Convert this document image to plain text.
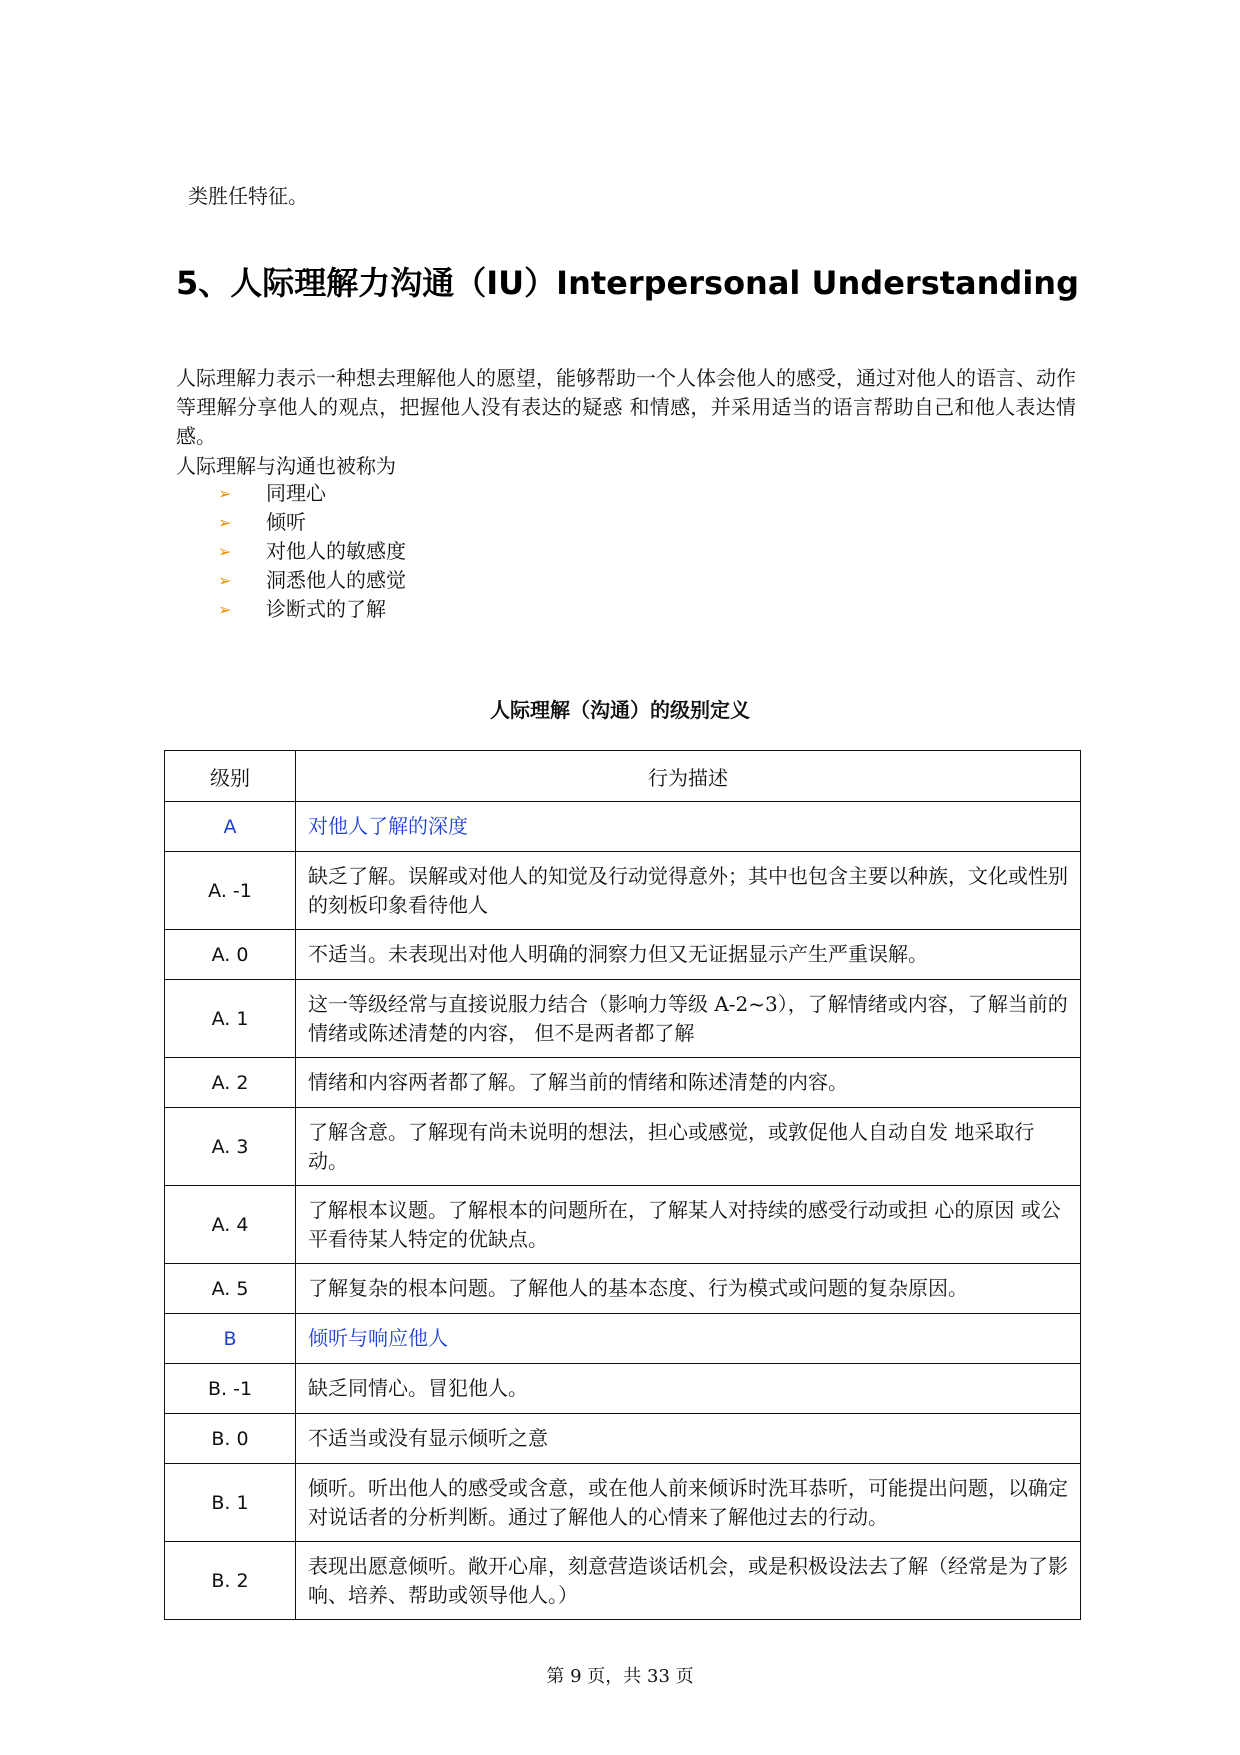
类胜任特征。
5、人际理解力沟通（IU）Interpersonal Understanding
人际理解力表示一种想去理解他人的愿望，能够帮助一个人体会他人的感受，通过对他人的语言、动作等理解分享他人的观点，把握他人没有表达的疑惑 和情感，并采用适当的语言帮助自己和他人表达情感。
人际理解与沟通也被称为
➢	同理心
➢	倾听
➢	对他人的敏感度
➢	洞悉他人的感觉
➢	诊断式的了解
人际理解（沟通）的级别定义
级别	行为描述
A	对他人了解的深度
A. -1	缺乏了解。误解或对他人的知觉及行动觉得意外；其中也包含主要以种族，文化或性别的刻板印象看待他人
A. 0	不适当。未表现出对他人明确的洞察力但又无证据显示产生严重误解。
A. 1	这一等级经常与直接说服力结合（影响力等级 A-2~3），了解情绪或内容，了解当前的情绪或陈述清楚的内容， 但不是两者都了解
A. 2	情绪和内容两者都了解。了解当前的情绪和陈述清楚的内容。
A. 3	了解含意。了解现有尚未说明的想法，担心或感觉，或敦促他人自动自发 地采取行动。
A. 4	了解根本议题。了解根本的问题所在，了解某人对持续的感受行动或担 心的原因 或公平看待某人特定的优缺点。
A. 5	了解复杂的根本问题。了解他人的基本态度、行为模式或问题的复杂原因。
B	倾听与响应他人
B. -1	缺乏同情心。冒犯他人。
B. 0	不适当或没有显示倾听之意
B. 1	倾听。听出他人的感受或含意，或在他人前来倾诉时洗耳恭听，可能提出问题，以确定对说话者的分析判断。通过了解他人的心情来了解他过去的行动。
B. 2	表现出愿意倾听。敞开心扉，刻意营造谈话机会，或是积极设法去了解（经常是为了影响、培养、帮助或领导他人。）
第 9 页，共 33 页
